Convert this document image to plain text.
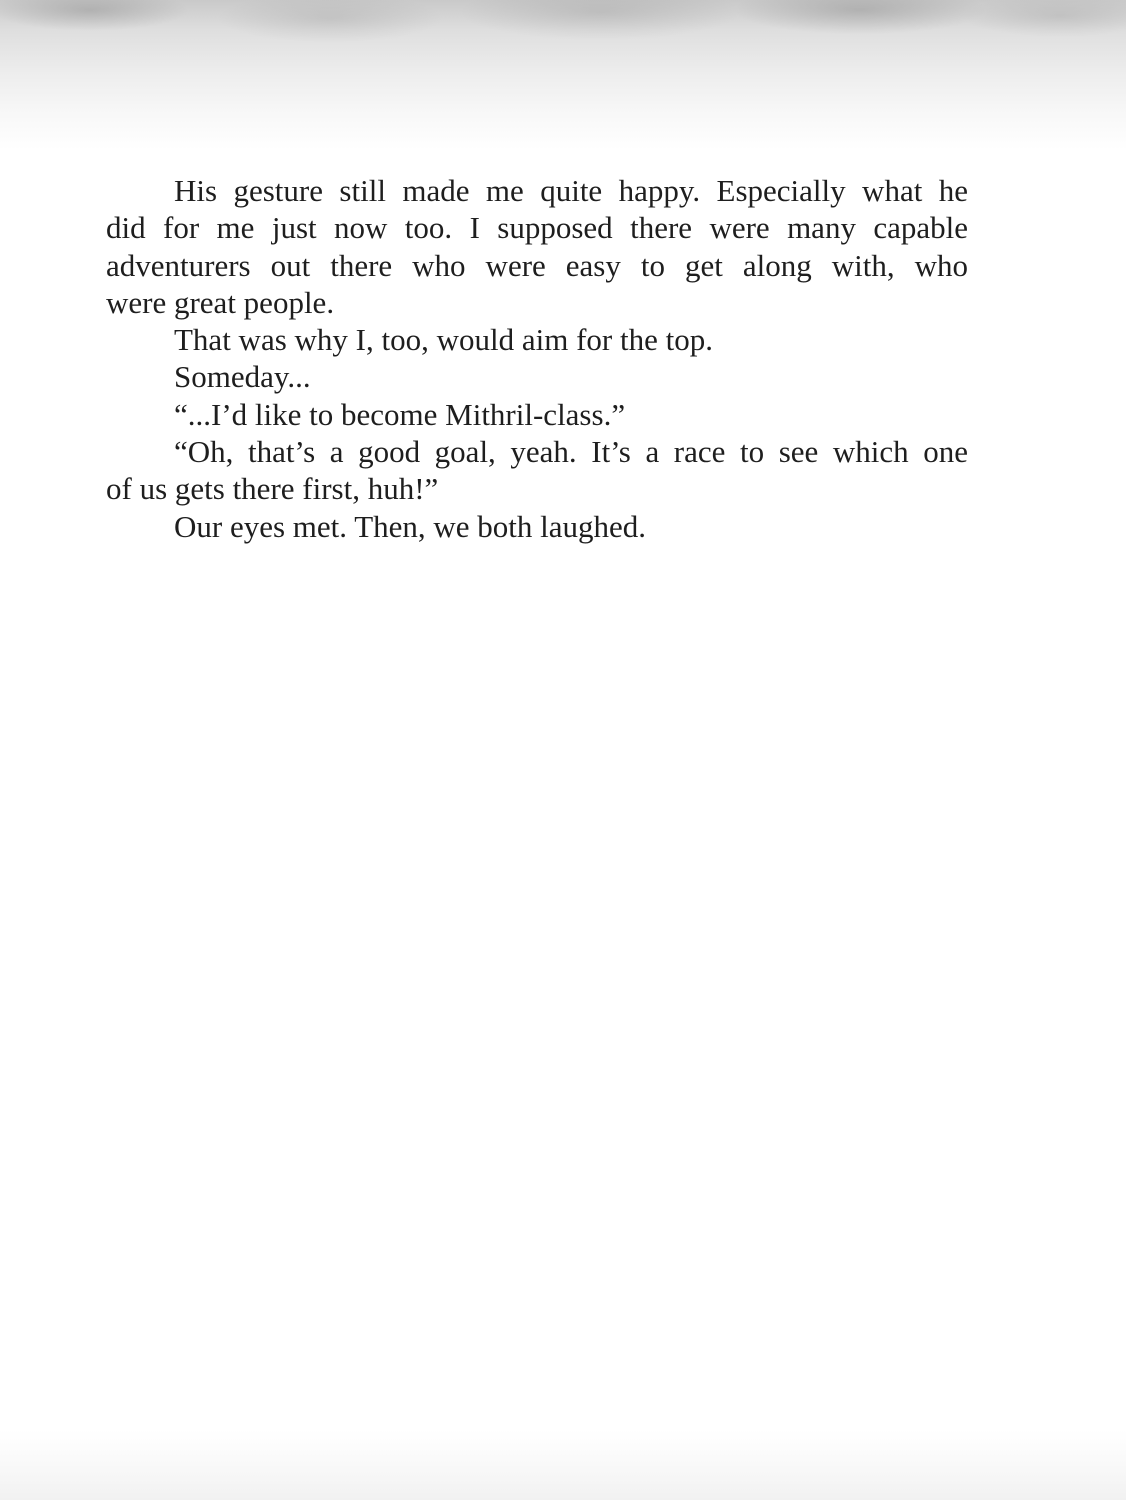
His gesture still made me quite happy. Especially what he
did for me just now too. I supposed there were many capable
adventurers out there who were easy to get along with, who
were great people.

That was why I, too, would aim for the top.

Someday...

“...I’d like to become Mithril-class.”

“Oh, that’s a good goal, yeah. It’s a race to see which one
of us gets there first, huh!”

Our eyes met. Then, we both laughed.
